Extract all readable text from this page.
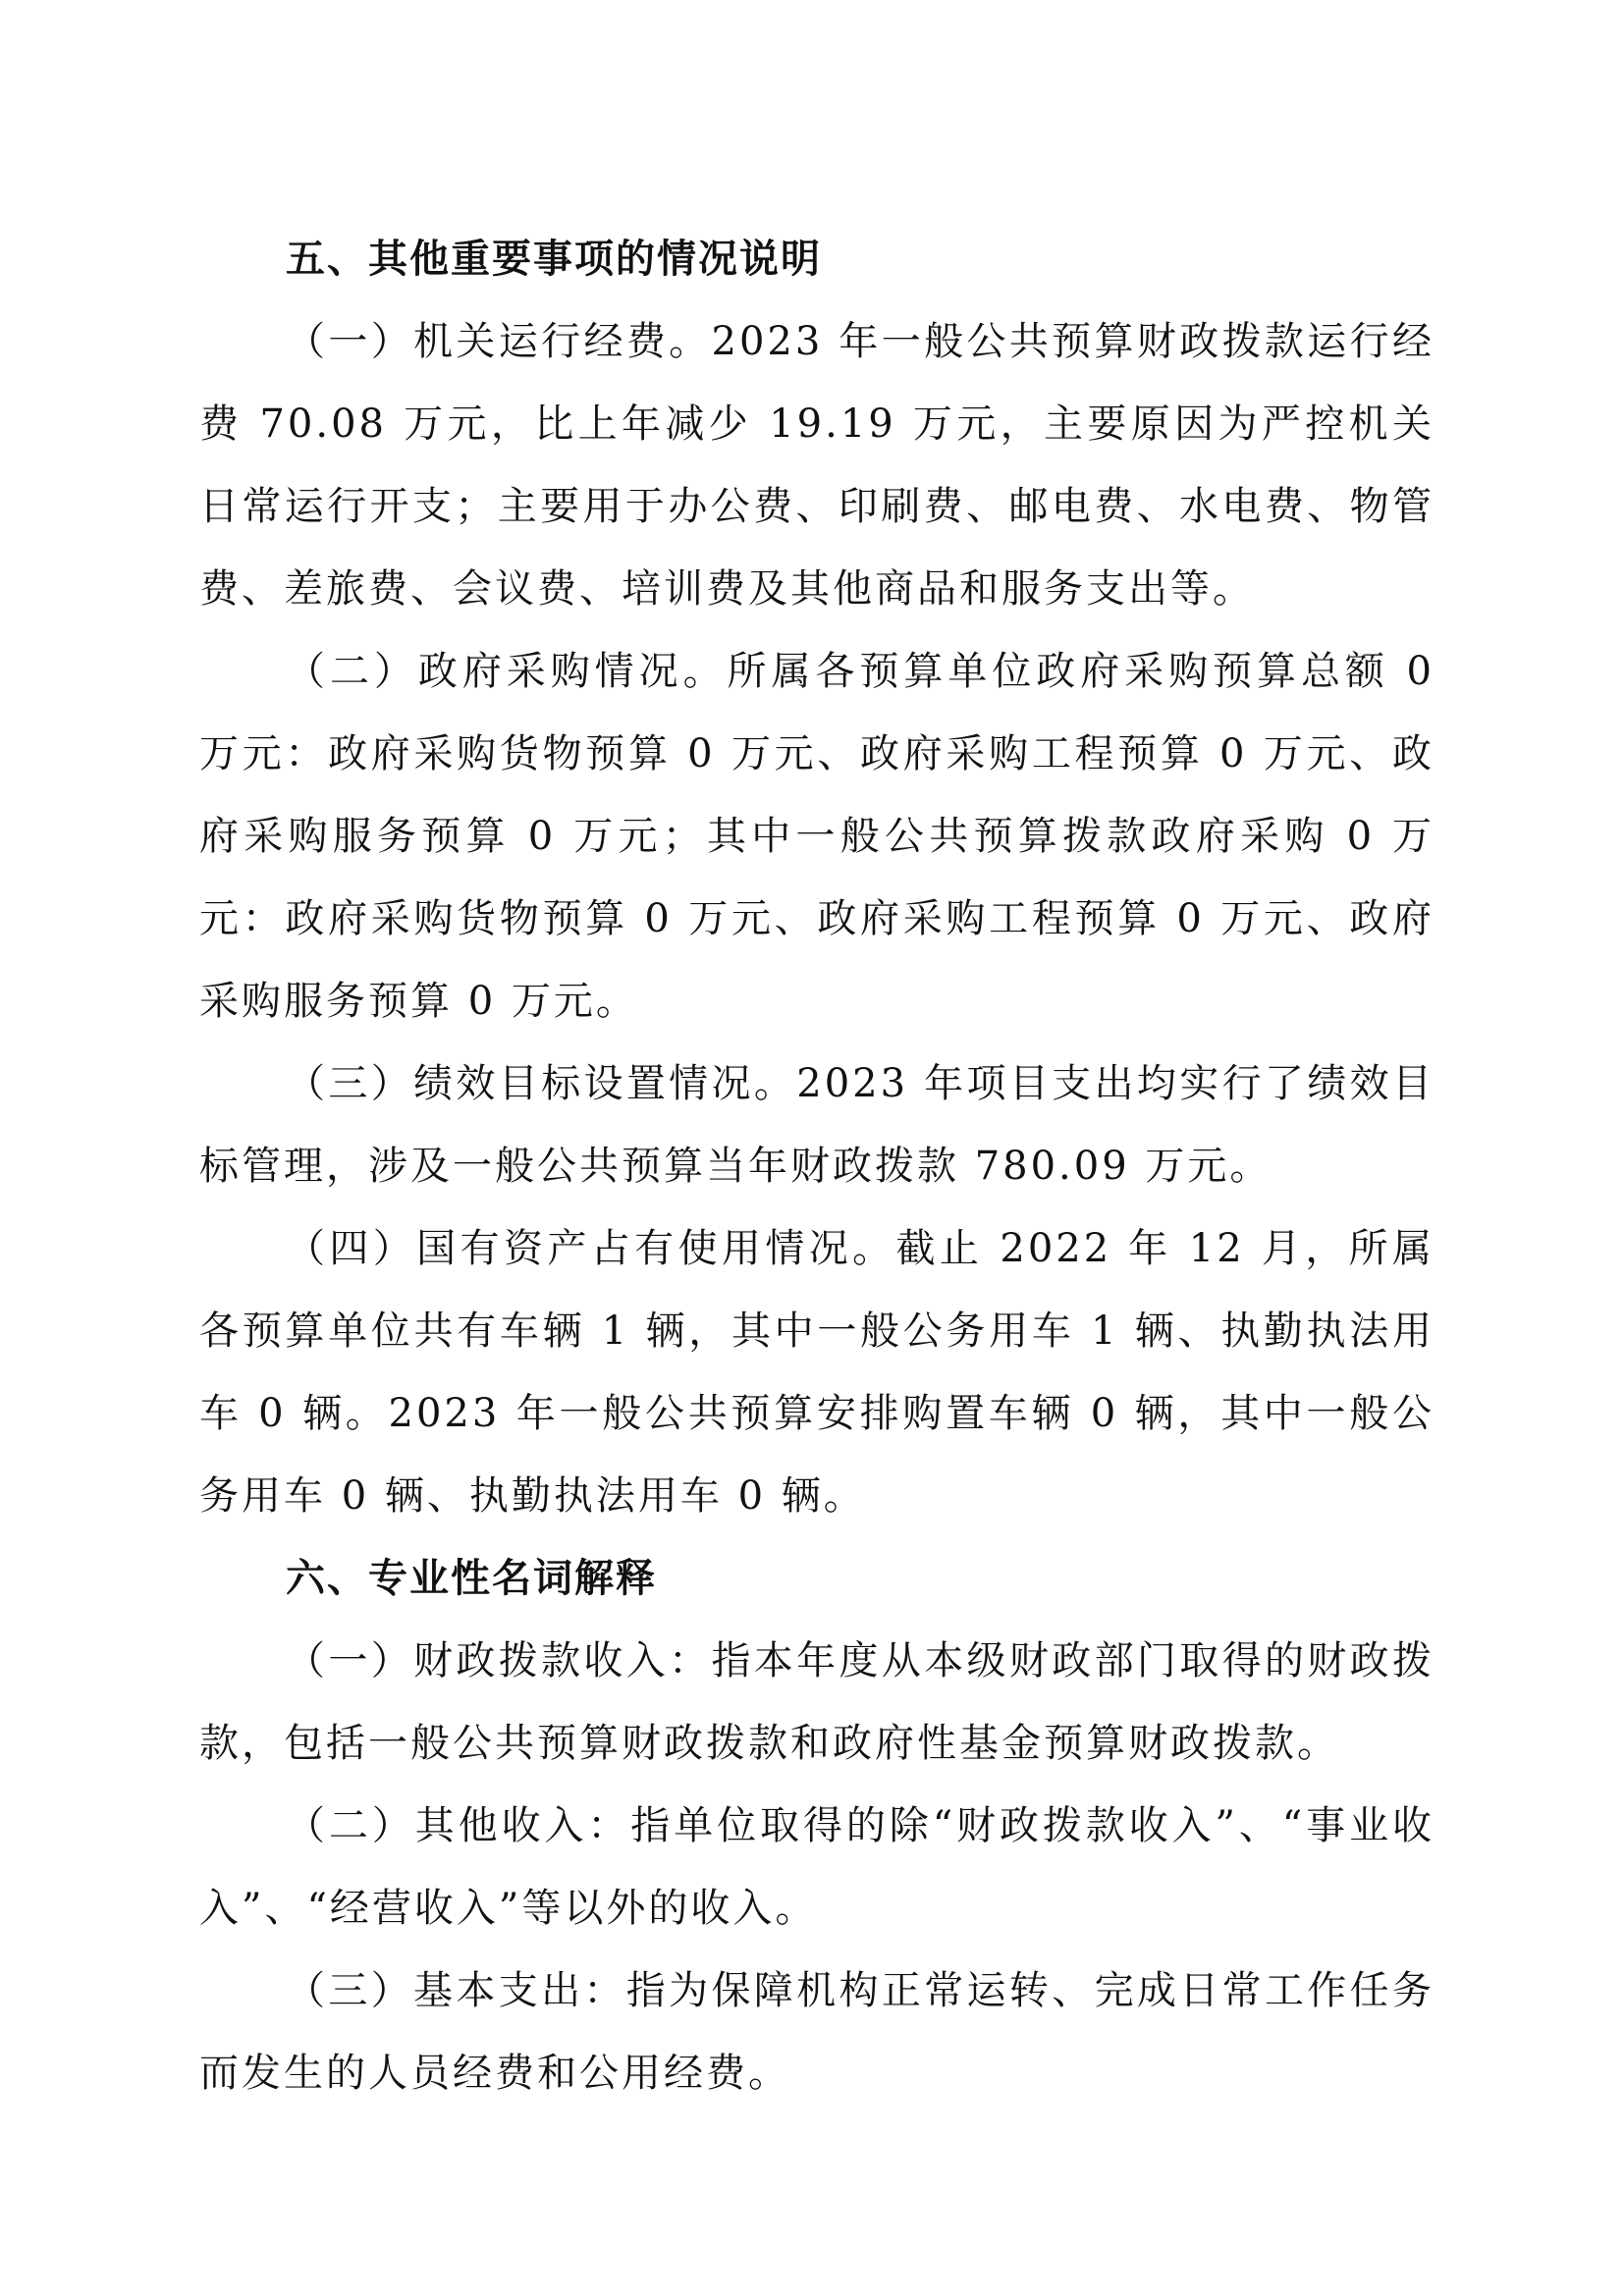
五、其他重要事项的情况说明

（一）机关运行经费。2023 年一般公共预算财政拨款运行经费 70.08 万元，比上年减少 19.19 万元，主要原因为严控机关日常运行开支；主要用于办公费、印刷费、邮电费、水电费、物管费、差旅费、会议费、培训费及其他商品和服务支出等。

（二）政府采购情况。所属各预算单位政府采购预算总额 0 万元：政府采购货物预算 0 万元、政府采购工程预算 0 万元、政府采购服务预算 0 万元；其中一般公共预算拨款政府采购 0 万元：政府采购货物预算 0 万元、政府采购工程预算 0 万元、政府采购服务预算 0 万元。

（三）绩效目标设置情况。2023 年项目支出均实行了绩效目标管理，涉及一般公共预算当年财政拨款 780.09 万元。

（四）国有资产占有使用情况。截止 2022 年 12 月，所属各预算单位共有车辆 1 辆，其中一般公务用车 1 辆、执勤执法用车 0 辆。2023 年一般公共预算安排购置车辆 0 辆，其中一般公务用车 0 辆、执勤执法用车 0 辆。

六、专业性名词解释

（一）财政拨款收入：指本年度从本级财政部门取得的财政拨款，包括一般公共预算财政拨款和政府性基金预算财政拨款。

（二）其他收入：指单位取得的除“财政拨款收入”、“事业收入”、“经营收入”等以外的收入。

（三）基本支出：指为保障机构正常运转、完成日常工作任务而发生的人员经费和公用经费。
